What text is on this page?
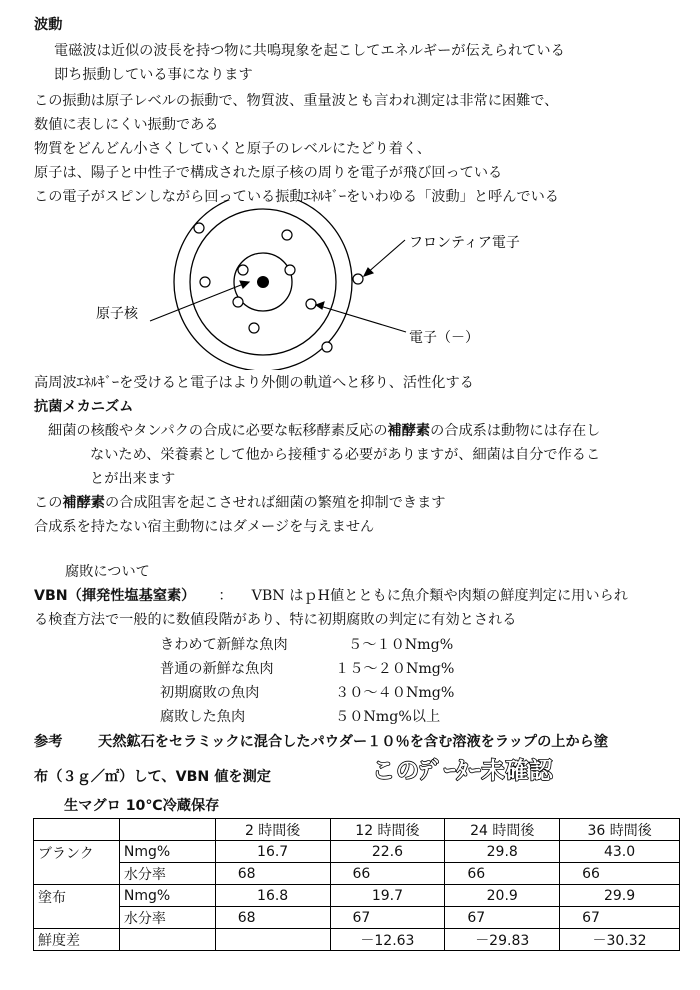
波動
電磁波は近似の波長を持つ物に共鳴現象を起こしてエネルギーが伝えられている
即ち振動している事になります
この振動は原子レベルの振動で、物質波、重量波とも言われ測定は非常に困難で、
数値に表しにくい振動である
物質をどんどん小さくしていくと原子のレベルにたどり着く、
原子は、陽子と中性子で構成された原子核の周りを電子が飛び回っている
この電子がスピンしながら回っている振動ｴﾈﾙｷﾞｰをいわゆる「波動」と呼んでいる
フロンティア電子
原子核
電子（－）
高周波ｴﾈﾙｷﾞｰを受けると電子はより外側の軌道へと移り、活性化する
抗菌メカニズム
細菌の核酸やタンパクの合成に必要な転移酵素反応の補酵素の合成系は動物には存在し
ないため、栄養素として他から接種する必要がありますが、細菌は自分で作るこ
とが出来ます
この補酵素の合成阻害を起こさせれば細菌の繁殖を抑制できます
合成系を持たない宿主動物にはダメージを与えません
腐敗について
VBN（揮発性塩基窒素） ： VBN はｐH値とともに魚介類や肉類の鮮度判定に用いられ
る検査方法で一般的に数値段階があり、特に初期腐敗の判定に有効とされる
きわめて新鮮な魚肉	５～１０Nmg%
普通の新鮮な魚肉	１５～２０Nmg%
初期腐敗の魚肉	３０～４０Nmg%
腐敗した魚肉	５０Nmg%以上
参考	天然鉱石をセラミックに混合したパウダー１０％を含む溶液をラップの上から塗
布（３ｇ／㎡）して、VBN 値を測定	このﾃﾞｰﾀｰ未確認
生マグロ 10℃冷蔵保存
		2 時間後	12 時間後	24 時間後	36 時間後
ブランク	Nmg%	16.7	22.6	29.8	43.0
	水分率	68	66	66	66
塗布	Nmg%	16.8	19.7	20.9	29.9
	水分率	68	67	67	67
鮮度差			－12.63	－29.83	－30.32
